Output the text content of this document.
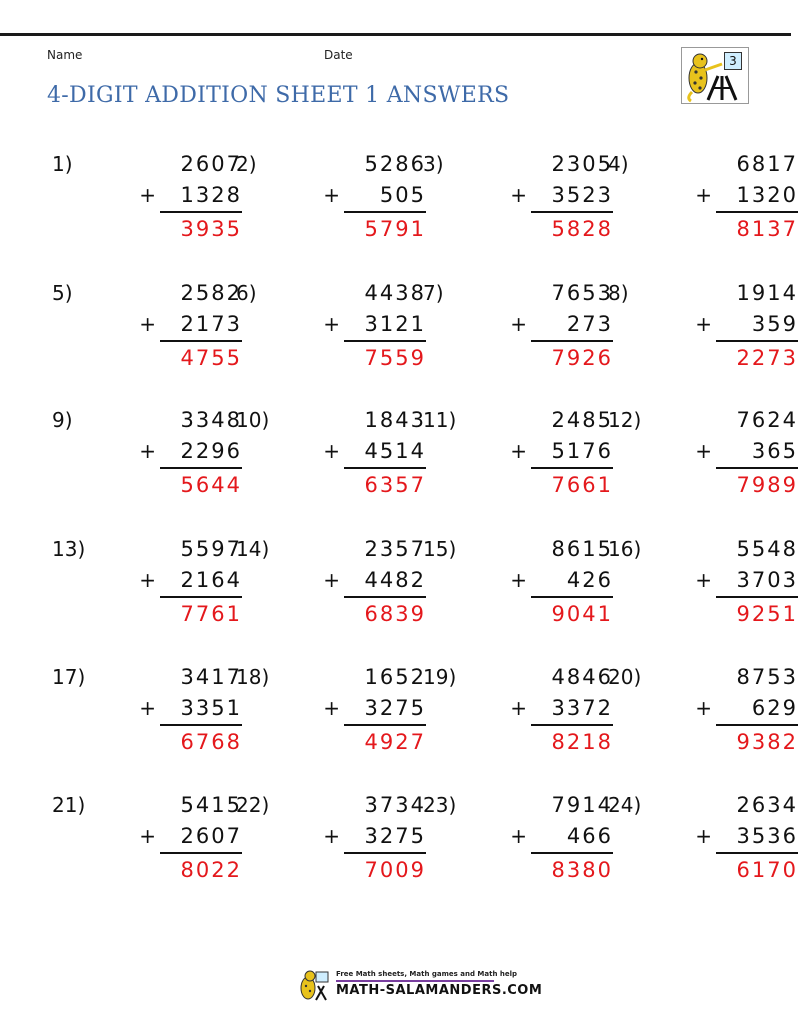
Name	Date
4-DIGIT ADDITION SHEET 1 ANSWERS
3
1)	2607
+	1328
3935
2)	5286
+	505
5791
3)	2305
+	3523
5828
4)	6817
+	1320
8137
5)	2582
+	2173
4755
6)	4438
+	3121
7559
7)	7653
+	273
7926
8)	1914
+	359
2273
9)	3348
+	2296
5644
10)	1843
+	4514
6357
11)	2485
+	5176
7661
12)	7624
+	365
7989
13)	5597
+	2164
7761
14)	2357
+	4482
6839
15)	8615
+	426
9041
16)	5548
+	3703
9251
17)	3417
+	3351
6768
18)	1652
+	3275
4927
19)	4846
+	3372
8218
20)	8753
+	629
9382
21)	5415
+	2607
8022
22)	3734
+	3275
7009
23)	7914
+	466
8380
24)	2634
+	3536
6170
Free Math sheets, Math games and Math help
MATH-SALAMANDERS.COM
